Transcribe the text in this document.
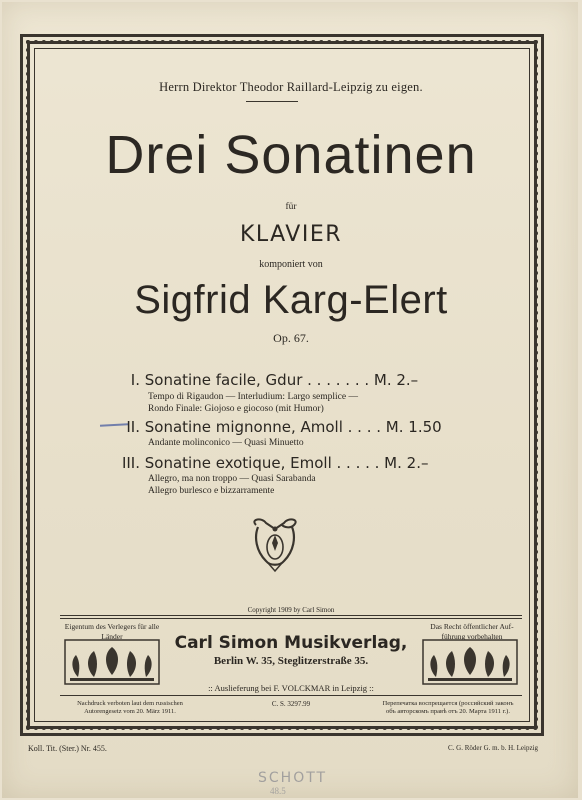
Herrn Direktor Theodor Raillard-Leipzig zu eigen.
Drei Sonatinen
für
KLAVIER
komponiert von
Sigfrid Karg-Elert
Op. 67.
I. Sonatine facile, Gdur . . . . . . . M. 2.–
Tempo di Rigaudon — Interludium: Largo semplice —
Rondo Finale: Giojoso e giocoso (mit Humor)
II. Sonatine mignonne, Amoll . . . . M. 1.50
Andante molinconico — Quasi Minuetto
III. Sonatine exotique, Emoll . . . . . M. 2.–
Allegro, ma non troppo — Quasi Sarabanda
Allegro burlesco e bizzarramente
Copyright 1909 by Carl Simon
Eigentum des Verlegers für alle
Länder
Das Recht öffentlicher Auf-
führung vorbehalten
Carl Simon Musikverlag,
Berlin W. 35, Steglitzerstraße 35.
:: Auslieferung bei F. VOLCKMAR in Leipzig ::
Nachdruck verboten laut dem russischen
Autorengesetz vom 20. März 1911.
C. S. 3297.99	Перепечатка воспрещается (российский законъ
объ авторскомъ правѣ отъ 20. Марта 1911 г.).
Koll. Tit. (Ster.) Nr. 455.	C. G. Röder G. m. b. H. Leipzig
SCHOTT
48.5
